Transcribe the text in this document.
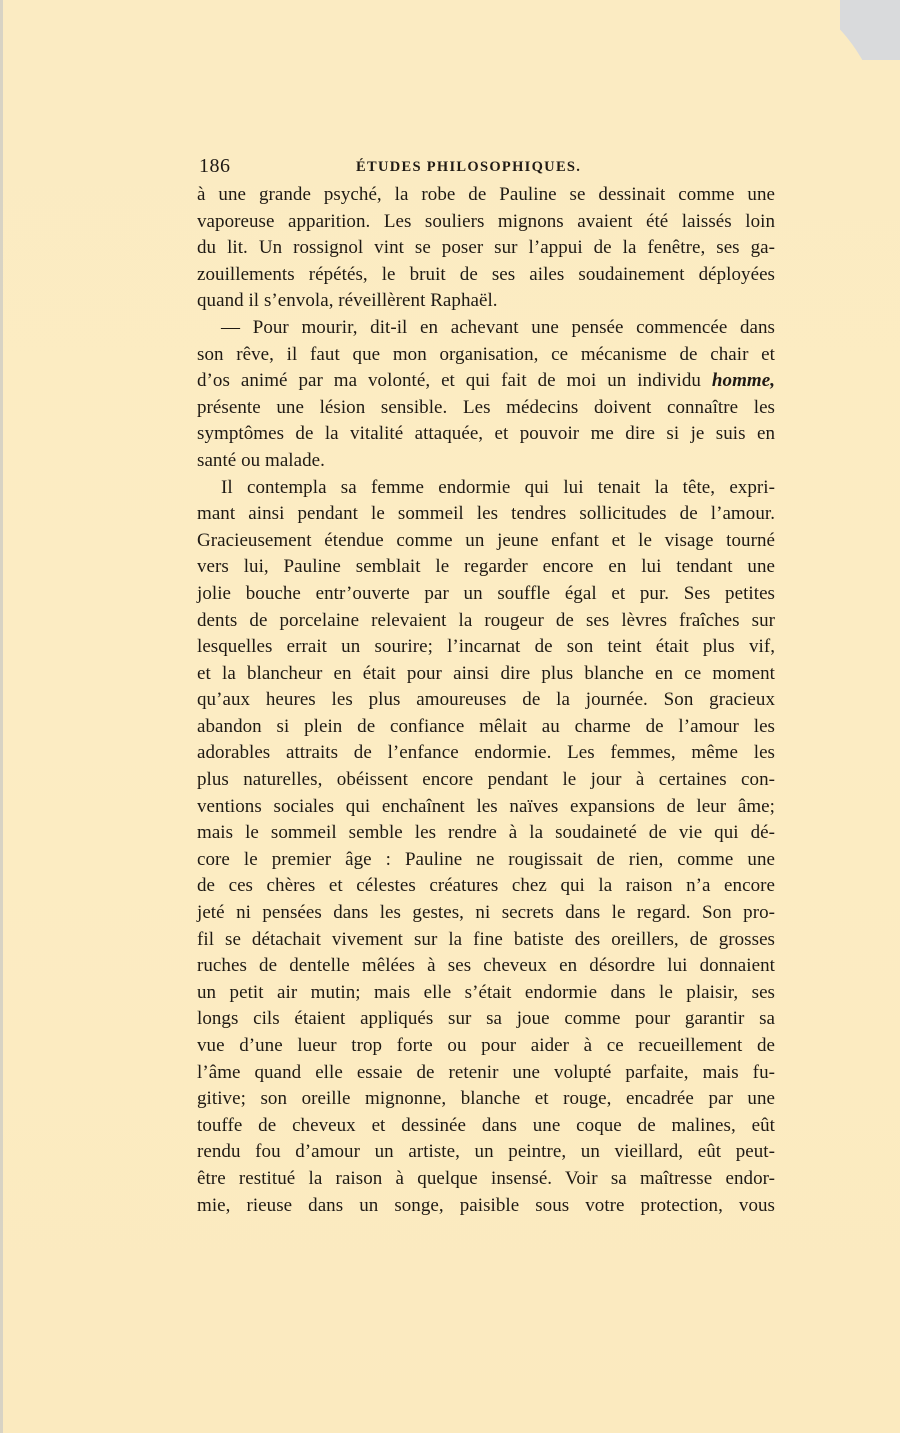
186	ÉTUDES PHILOSOPHIQUES.
à une grande psyché, la robe de Pauline se dessinait comme une
vaporeuse apparition. Les souliers mignons avaient été laissés loin
du lit. Un rossignol vint se poser sur l’appui de la fenêtre, ses ga-
zouillements répétés, le bruit de ses ailes soudainement déployées
quand il s’envola, réveillèrent Raphaël.
— Pour mourir, dit-il en achevant une pensée commencée dans
son rêve, il faut que mon organisation, ce mécanisme de chair et
d’os animé par ma volonté, et qui fait de moi un individu homme,
présente une lésion sensible. Les médecins doivent connaître les
symptômes de la vitalité attaquée, et pouvoir me dire si je suis en
santé ou malade.
Il contempla sa femme endormie qui lui tenait la tête, expri-
mant ainsi pendant le sommeil les tendres sollicitudes de l’amour.
Gracieusement étendue comme un jeune enfant et le visage tourné
vers lui, Pauline semblait le regarder encore en lui tendant une
jolie bouche entr’ouverte par un souffle égal et pur. Ses petites
dents de porcelaine relevaient la rougeur de ses lèvres fraîches sur
lesquelles errait un sourire; l’incarnat de son teint était plus vif,
et la blancheur en était pour ainsi dire plus blanche en ce moment
qu’aux heures les plus amoureuses de la journée. Son gracieux
abandon si plein de confiance mêlait au charme de l’amour les
adorables attraits de l’enfance endormie. Les femmes, même les
plus naturelles, obéissent encore pendant le jour à certaines con-
ventions sociales qui enchaînent les naïves expansions de leur âme;
mais le sommeil semble les rendre à la soudaineté de vie qui dé-
core le premier âge : Pauline ne rougissait de rien, comme une
de ces chères et célestes créatures chez qui la raison n’a encore
jeté ni pensées dans les gestes, ni secrets dans le regard. Son pro-
fil se détachait vivement sur la fine batiste des oreillers, de grosses
ruches de dentelle mêlées à ses cheveux en désordre lui donnaient
un petit air mutin; mais elle s’était endormie dans le plaisir, ses
longs cils étaient appliqués sur sa joue comme pour garantir sa
vue d’une lueur trop forte ou pour aider à ce recueillement de
l’âme quand elle essaie de retenir une volupté parfaite, mais fu-
gitive; son oreille mignonne, blanche et rouge, encadrée par une
touffe de cheveux et dessinée dans une coque de malines, eût
rendu fou d’amour un artiste, un peintre, un vieillard, eût peut-
être restitué la raison à quelque insensé. Voir sa maîtresse endor-
mie, rieuse dans un songe, paisible sous votre protection, vous
